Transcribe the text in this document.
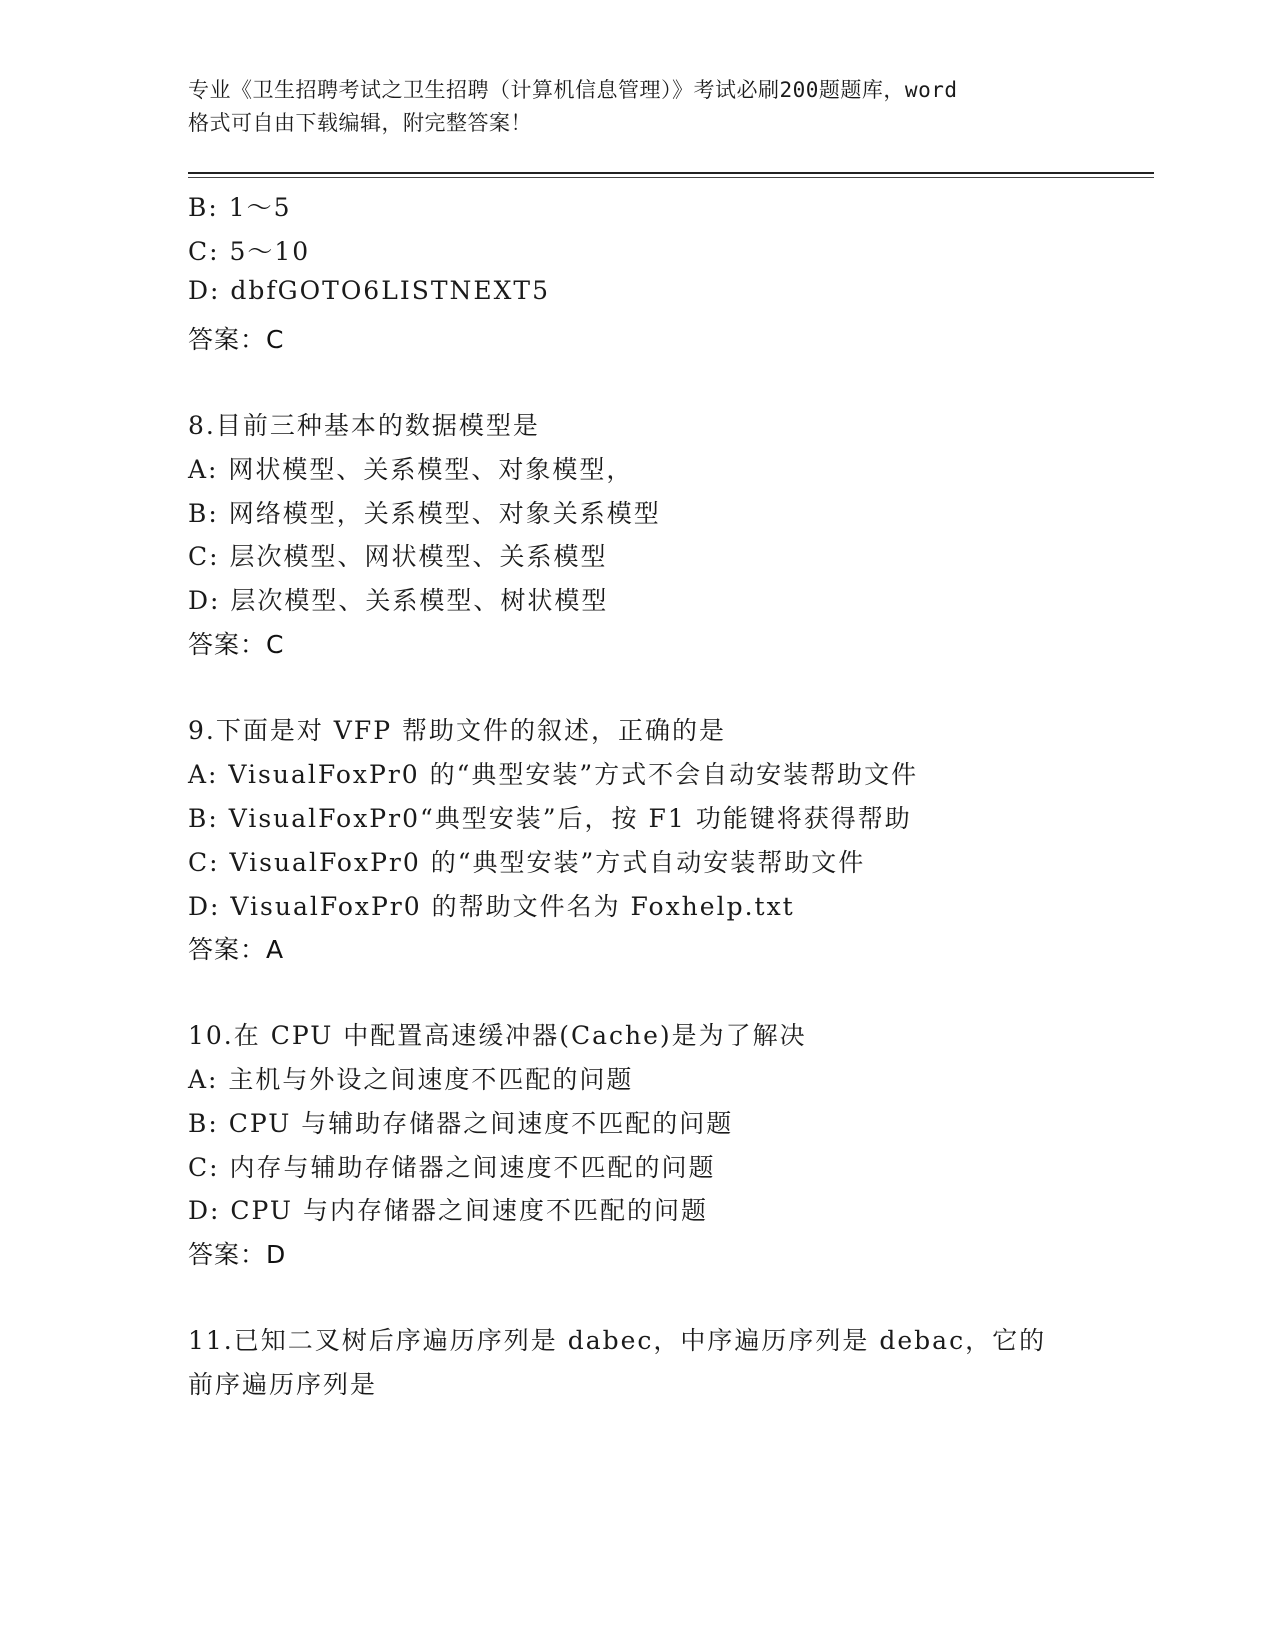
专业《卫生招聘考试之卫生招聘（计算机信息管理）》考试必刷200题题库，word
格式可自由下载编辑，附完整答案！
B: 1～5
C: 5～10
D: dbfGOTO6LISTNEXT5
答案：C
8.目前三种基本的数据模型是
A: 网状模型、关系模型、对象模型，
B: 网络模型，关系模型、对象关系模型
C: 层次模型、网状模型、关系模型
D: 层次模型、关系模型、树状模型
答案：C
9.下面是对 VFP 帮助文件的叙述，正确的是
A: VisualFoxPr0 的“典型安装”方式不会自动安装帮助文件
B: VisualFoxPr0“典型安装”后，按 F1 功能键将获得帮助
C: VisualFoxPr0 的“典型安装”方式自动安装帮助文件
D: VisualFoxPr0 的帮助文件名为 Foxhelp.txt
答案：A
10.在 CPU 中配置高速缓冲器(Cache)是为了解决
A: 主机与外设之间速度不匹配的问题
B: CPU 与辅助存储器之间速度不匹配的问题
C: 内存与辅助存储器之间速度不匹配的问题
D: CPU 与内存储器之间速度不匹配的问题
答案：D
11.已知二叉树后序遍历序列是 dabec，中序遍历序列是 debac，它的
前序遍历序列是
